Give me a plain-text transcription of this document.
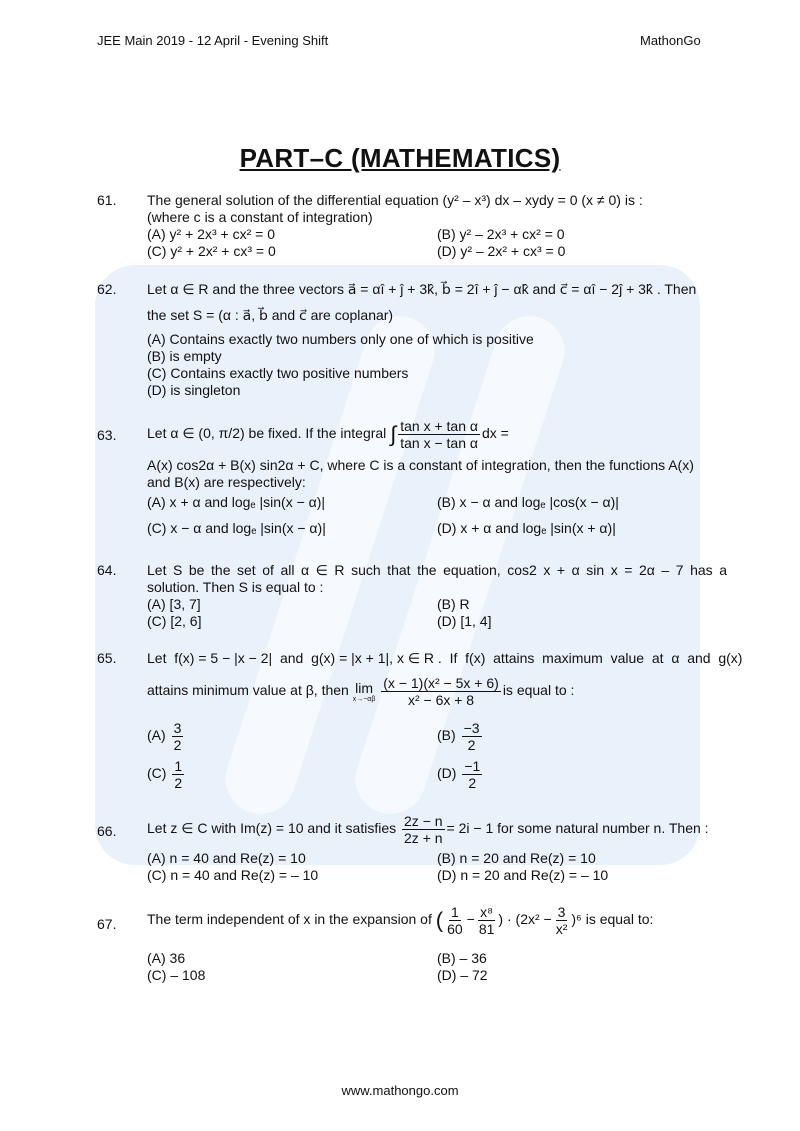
JEE Main 2019 - 12 April - Evening Shift	MathonGo
PART–C (MATHEMATICS)
61. The general solution of the differential equation (y² – x³) dx – xydy = 0 (x ≠ 0) is :
(where c is a constant of integration)
(A) y² + 2x³ + cx² = 0	(B) y² – 2x³ + cx² = 0
(C) y² + 2x² + cx³ = 0	(D) y² – 2x² + cx³ = 0
62. Let α ∈ R and the three vectors a⃗ = αî + ĵ + 3k̂, b⃗ = 2î + ĵ − αk̂ and c⃗ = αî − 2ĵ + 3k̂ . Then
the set S = (α : a⃗, b⃗ and c⃗ are coplanar)
(A) Contains exactly two numbers only one of which is positive
(B) is empty
(C) Contains exactly two positive numbers
(D) is singleton
63. Let α ∈ (0, π/2) be fixed. If the integral ∫ $\frac{\text{tan x + tan α}}{\text{tan x − tan α}}$ dx =
A(x) cos2α + B(x) sin2α + C, where C is a constant of integration, then the functions A(x)
and B(x) are respectively:
(A) x + α and logₑ |sin(x − α)|	(B) x − α and logₑ |cos(x − α)|
(C) x − α and logₑ |sin(x − α)|	(D) x + α and logₑ |sin(x + α)|
64. Let S be the set of all α ∈ R such that the equation, cos2 x + α sin x = 2α – 7 has a
solution. Then S is equal to :
(A) [3, 7]	(B) R
(C) [2, 6]	(D) [1, 4]
65. Let  f(x) = 5 − |x − 2|  and  g(x) = |x + 1|, x ∈ R .  If  f(x)  attains  maximum  value  at  α  and  g(x)
attains minimum value at β, then lim
x→−αβ
$\frac{\text{(x − 1)(x² − 5x + 6)}}{\text{x² − 6x + 8}}$ is equal to :
$(A) \frac{3}{2}$	$(B) \frac{-3}{2}$
$(C) \frac{1}{2}$	$(D) \frac{-1}{2}$
66. Let z ∈ C with Im(z) = 10 and it satisfies $\frac{2z - n}{2z + n} = 2i - 1$ for some natural number n. Then :
(A) n = 40 and Re(z) = 10	(B) n = 20 and Re(z) = 10
(C) n = 40 and Re(z) = – 10	(D) n = 20 and Re(z) = – 10
67. The term independent of x in the expansion of ( $\frac{1}{60} - \frac{\text{x⁸}}{81}$ ) · $(2x^2 - \frac{3}{\text{x²}} )^6$ is equal to:
(A) 36	(B) – 36
(C) – 108	(D) – 72
www.mathongo.com
